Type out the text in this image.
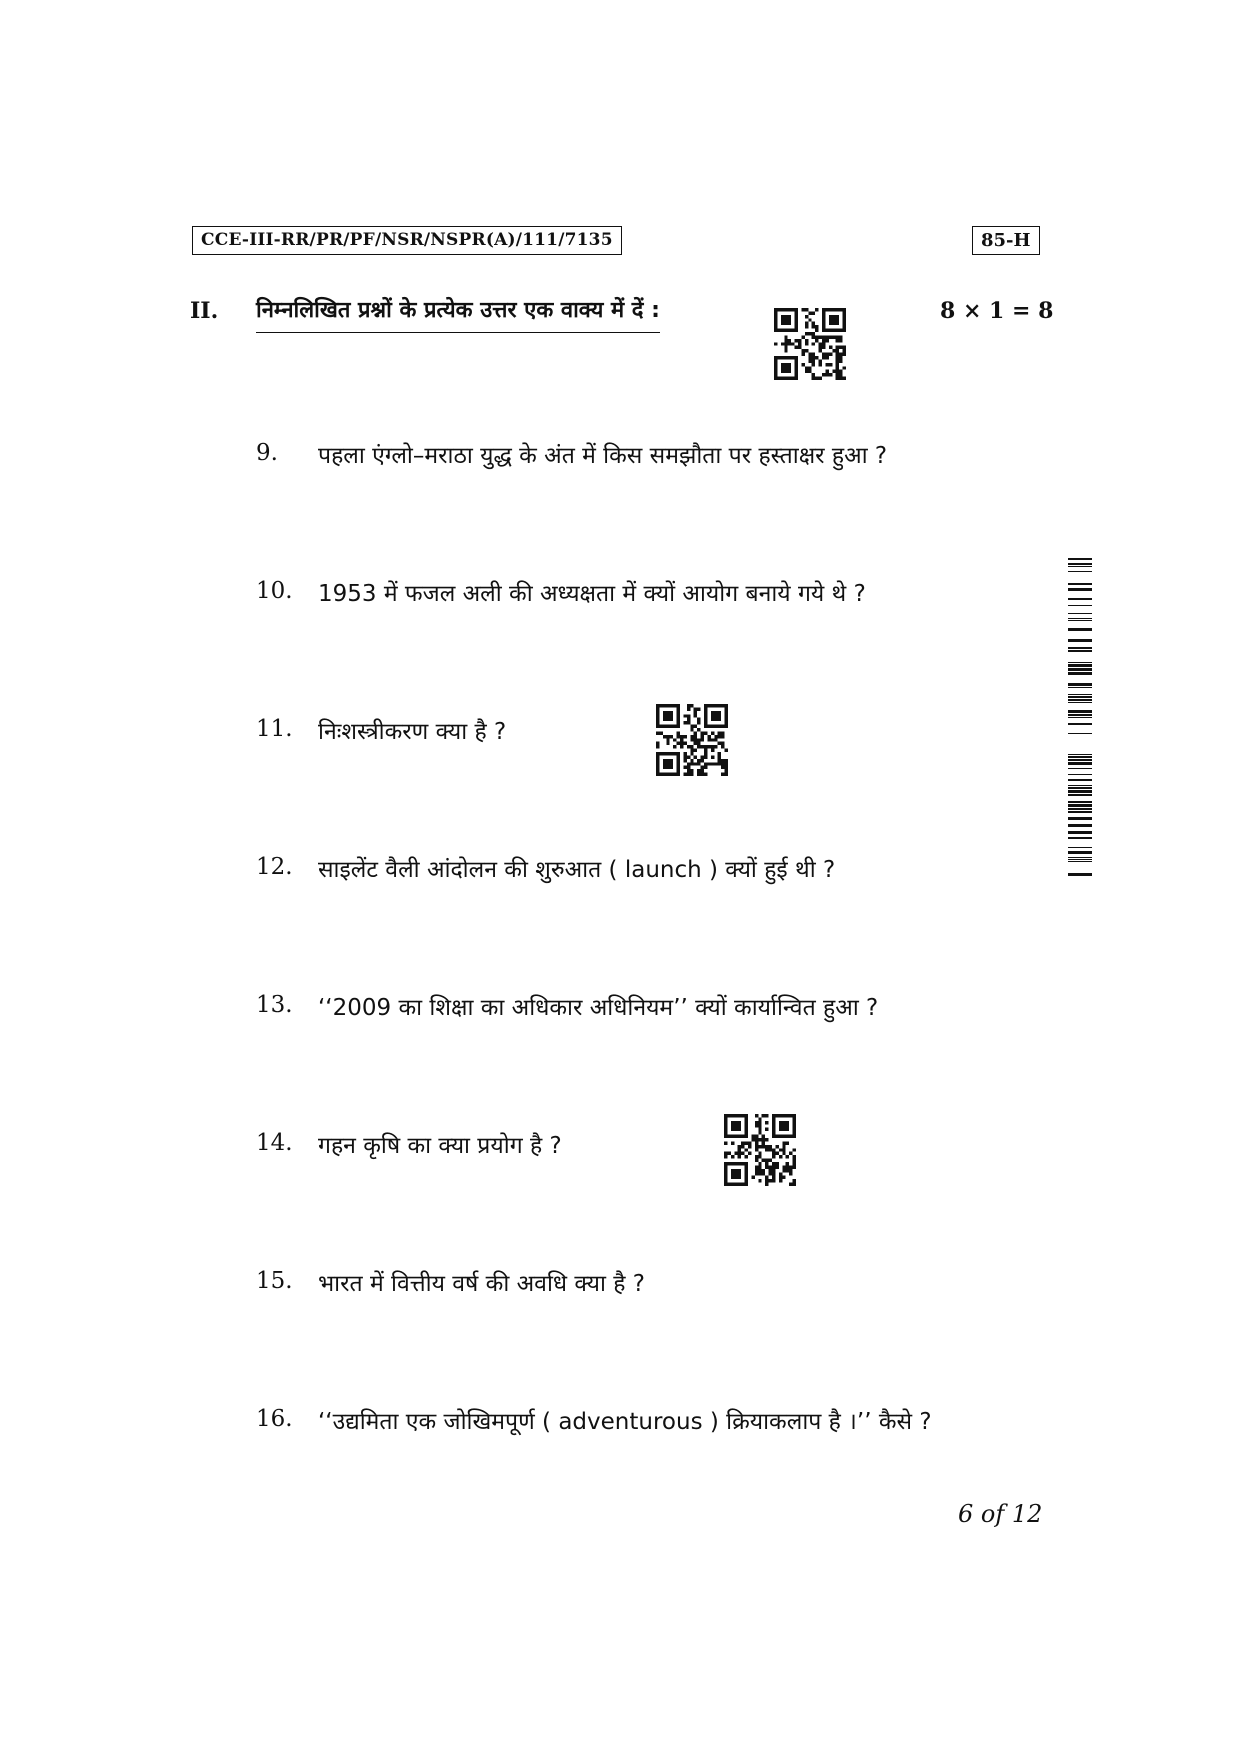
CCE-III-RR/PR/PF/NSR/NSPR(A)/111/7135	85-H
II. निम्नलिखित प्रश्नों के प्रत्येक उत्तर एक वाक्य में दें :	8 × 1 = 8
9. पहला एंग्लो–मराठा युद्ध के अंत में किस समझौता पर हस्ताक्षर हुआ ?
10. 1953 में फजल अली की अध्यक्षता में क्यों आयोग बनाये गये थे ?
11. निःशस्त्रीकरण क्या है ?
12. साइलेंट वैली आंदोलन की शुरुआत ( launch ) क्यों हुई थी ?
13. ‘‘2009 का शिक्षा का अधिकार अधिनियम’’ क्यों कार्यान्वित हुआ ?
14. गहन कृषि का क्या प्रयोग है ?
15. भारत में वित्तीय वर्ष की अवधि क्या है ?
16. ‘‘उद्यमिता एक जोखिमपूर्ण ( adventurous ) क्रियाकलाप है ।’’ कैसे ?
6 of 12
